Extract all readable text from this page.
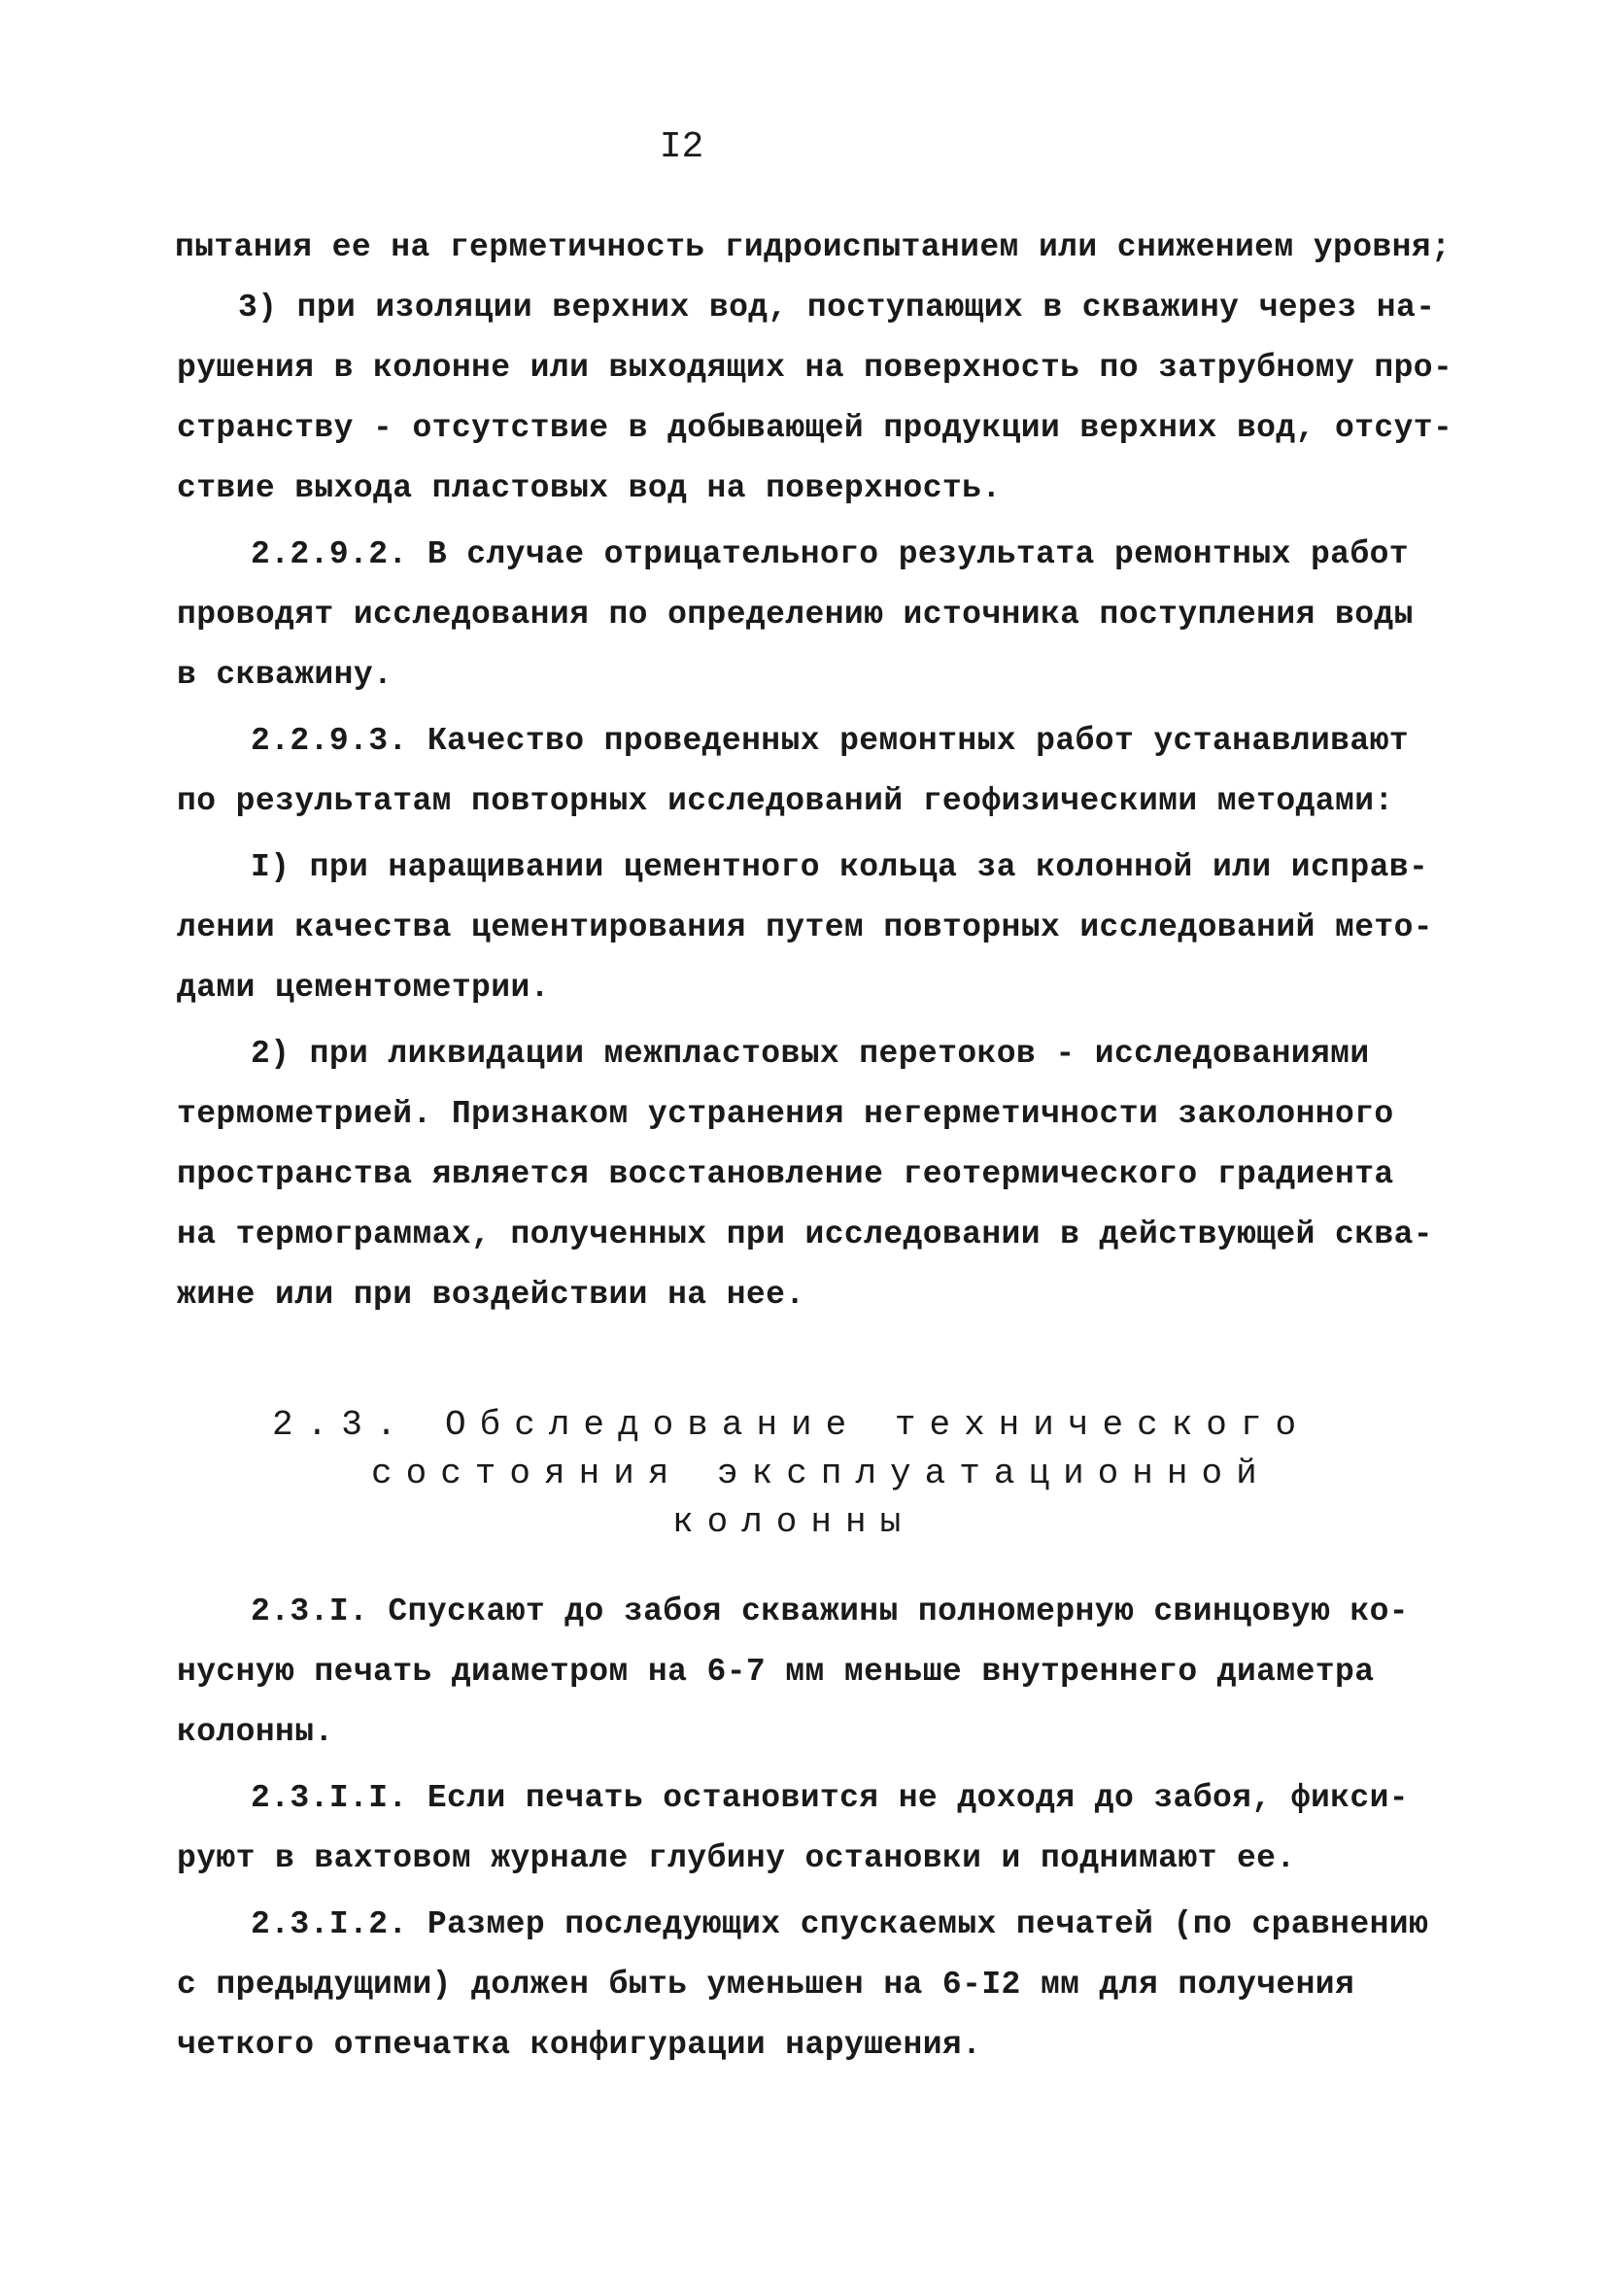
I2
пытания ее на герметичность гидроиспытанием или снижением уровня;
3) при изоляции верхних вод, поступающих в скважину через на-
рушения в колонне или выходящих на поверхность по затрубному про-
странству - отсутствие в добывающей продукции верхних вод, отсут-
ствие выхода пластовых вод на поверхность.
2.2.9.2. В случае отрицательного результата ремонтных работ
проводят исследования по определению источника поступления воды
в скважину.
2.2.9.3. Качество проведенных ремонтных работ устанавливают
по результатам повторных исследований геофизическими методами:
I) при наращивании цементного кольца за колонной или исправ-
лении качества цементирования путем повторных исследований мето-
дами цементометрии.
2) при ликвидации межпластовых перетоков - исследованиями
термометрией. Признаком устранения негерметичности заколонного
пространства является восстановление геотермического градиента
на термограммах, полученных при исследовании в действующей сква-
жине или при воздействии на нее.
2.3. Обследование технического
состояния эксплуатационной
колонны
2.3.I. Спускают до забоя скважины полномерную свинцовую ко-
нусную печать диаметром на 6-7 мм меньше внутреннего диаметра
колонны.
2.3.I.I. Если печать остановится не доходя до забоя, фикси-
руют в вахтовом журнале глубину остановки и поднимают ее.
2.3.I.2. Размер последующих спускаемых печатей (по сравнению
с предыдущими) должен быть уменьшен на 6-I2 мм для получения
четкого отпечатка конфигурации нарушения.
